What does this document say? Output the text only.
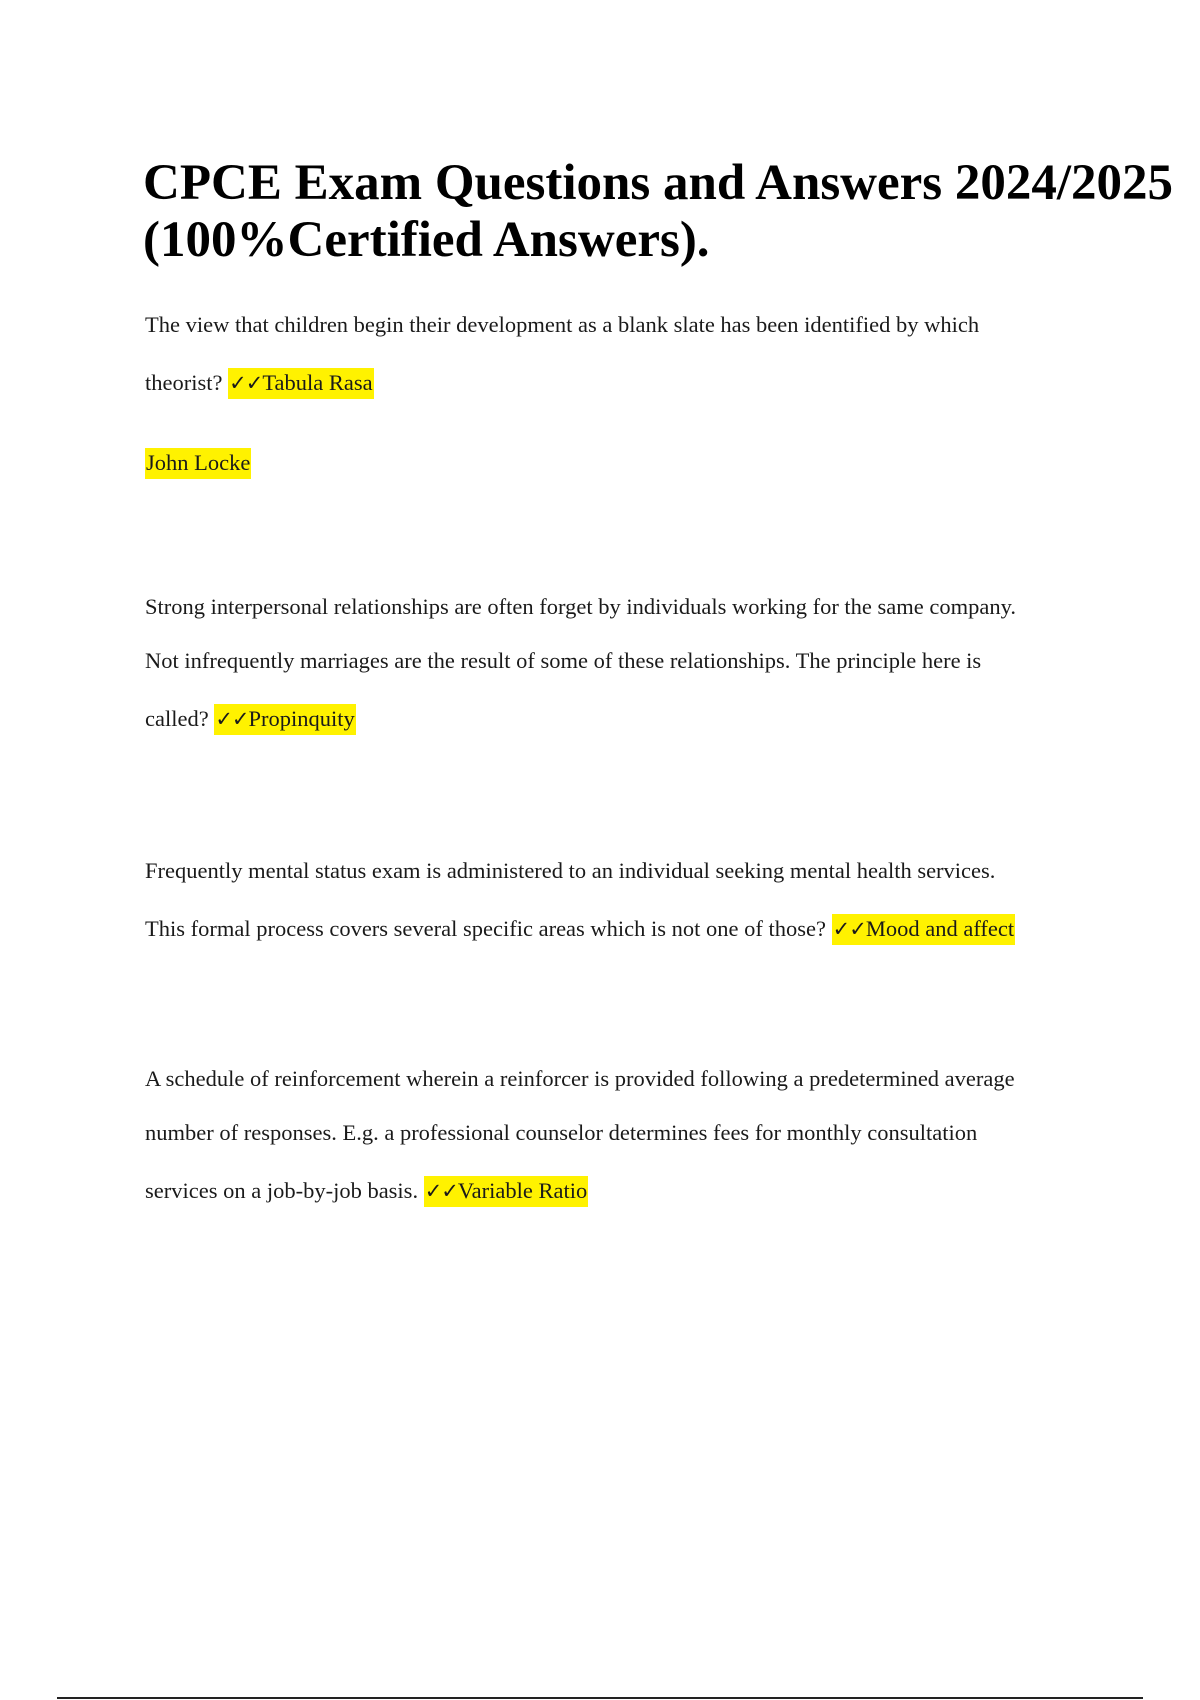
CPCE Exam Questions and Answers 2024/2025
(100%Certified Answers).
The view that children begin their development as a blank slate has been identified by which
theorist? ✓✓Tabula Rasa
John Locke
Strong interpersonal relationships are often forget by individuals working for the same company.
Not infrequently marriages are the result of some of these relationships. The principle here is
called? ✓✓Propinquity
Frequently mental status exam is administered to an individual seeking mental health services.
This formal process covers several specific areas which is not one of those? ✓✓Mood and affect
A schedule of reinforcement wherein a reinforcer is provided following a predetermined average
number of responses. E.g. a professional counselor determines fees for monthly consultation
services on a job-by-job basis. ✓✓Variable Ratio
